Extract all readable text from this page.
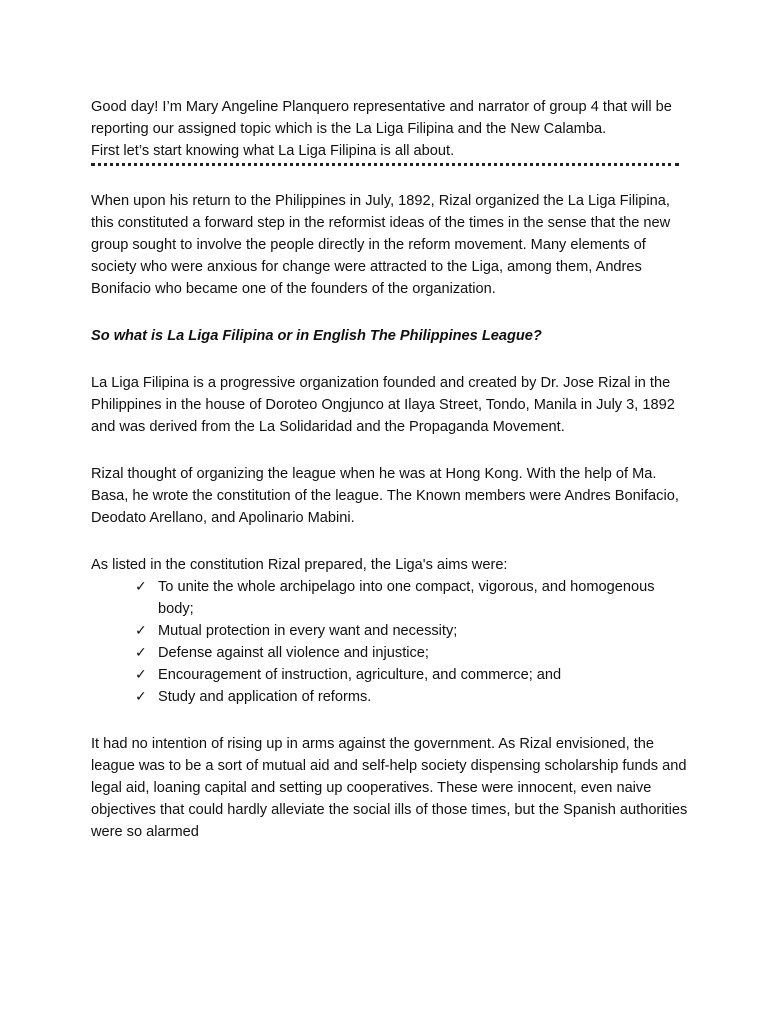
Good day! I’m Mary Angeline Planquero representative and narrator of group 4 that will be reporting our assigned topic which is the La Liga Filipina and the New Calamba.

First let’s start knowing what La Liga Filipina is all about.

When upon his return to the Philippines in July, 1892, Rizal organized the La Liga Filipina, this constituted a forward step in the reformist ideas of the times in the sense that the new group sought to involve the people directly in the reform movement. Many elements of society who were anxious for change were attracted to the Liga, among them, Andres Bonifacio who became one of the founders of the organization.

So what is La Liga Filipina or in English The Philippines League?

La Liga Filipina is a progressive organization founded and created by Dr. Jose Rizal in the Philippines in the house of Doroteo Ongjunco at Ilaya Street, Tondo, Manila in July 3, 1892 and was derived from the La Solidaridad and the Propaganda Movement.

Rizal thought of organizing the league when he was at Hong Kong. With the help of Ma. Basa, he wrote the constitution of the league. The Known members were Andres Bonifacio, Deodato Arellano, and Apolinario Mabini.

As listed in the constitution Rizal prepared, the Liga's aims were:

✓ To unite the whole archipelago into one compact, vigorous, and homogenous body;
✓ Mutual protection in every want and necessity;
✓ Defense against all violence and injustice;
✓ Encouragement of instruction, agriculture, and commerce; and
✓ Study and application of reforms.

It had no intention of rising up in arms against the government. As Rizal envisioned, the league was to be a sort of mutual aid and self-help society dispensing scholarship funds and legal aid, loaning capital and setting up cooperatives. These were innocent, even naive objectives that could hardly alleviate the social ills of those times, but the Spanish authorities were so alarmed
